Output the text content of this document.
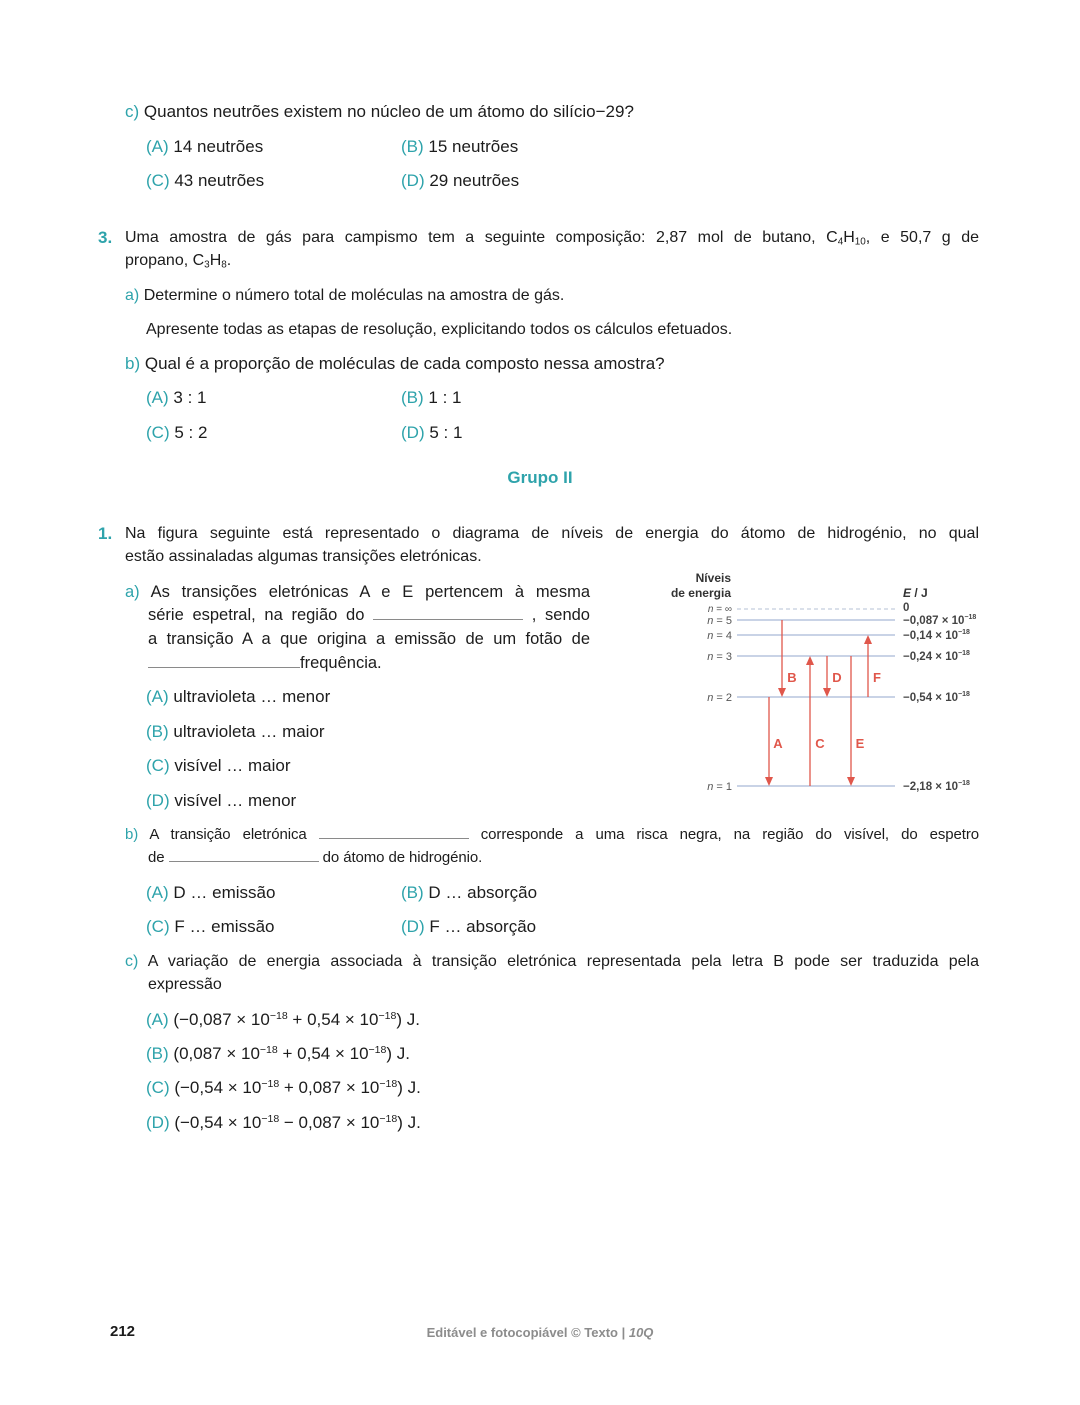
c) Quantos neutrões existem no núcleo de um átomo do silício−29?
(A) 14 neutrões	(B) 15 neutrões
(C) 43 neutrões	(D) 29 neutrões
3. Uma amostra de gás para campismo tem a seguinte composição: 2,87 mol de butano, $C_4H_{10}$, e 50,7 g de
propano, $C_3H_8$.
a) Determine o número total de moléculas na amostra de gás.
Apresente todas as etapas de resolução, explicitando todos os cálculos efetuados.
b) Qual é a proporção de moléculas de cada composto nessa amostra?
(A) 3 : 1	(B) 1 : 1
(C) 5 : 2	(D) 5 : 1
Grupo II
1. Na figura seguinte está representado o diagrama de níveis de energia do átomo de hidrogénio, no qual
estão assinaladas algumas transições eletrónicas.
a) As transições eletrónicas A e E pertencem à mesma
série espetral, na região do	, sendo
a transição A a que origina a emissão de um fotão de
frequência.
(A) ultravioleta … menor
(B) ultravioleta … maior
(C) visível … maior
(D) visível … menor
Níveis
de energia	E / J
n = ∞
n = 5
n = 4
n = 3
n = 2
n = 1
0
$-0,087 \times 10^{-18}$
$-0,14 \times 10^{-18}$
$-0,24 \times 10^{-18}$
$-0,54 \times 10^{-18}$
$-2,18 \times 10^{-18}$
A
B
C
D
E
F
b) A transição eletrónica	corresponde a uma risca negra, na região do visível, do espetro
de	do átomo de hidrogénio.
(A) D … emissão	(B) D … absorção
(C) F … emissão	(D) F … absorção
c) A variação de energia associada à transição eletrónica representada pela letra B pode ser traduzida pela
expressão
(A) $(-0,087 \times 10^{-18} + 0,54 \times 10^{-18})$ J.
(B) $(0,087 \times 10^{-18} + 0,54 \times 10^{-18})$ J.
(C) $(-0,54 \times 10^{-18} + 0,087 \times 10^{-18})$ J.
(D) $(-0,54 \times 10^{-18} - 0,087 \times 10^{-18})$ J.
212	Editável e fotocopiável © Texto | 10Q
